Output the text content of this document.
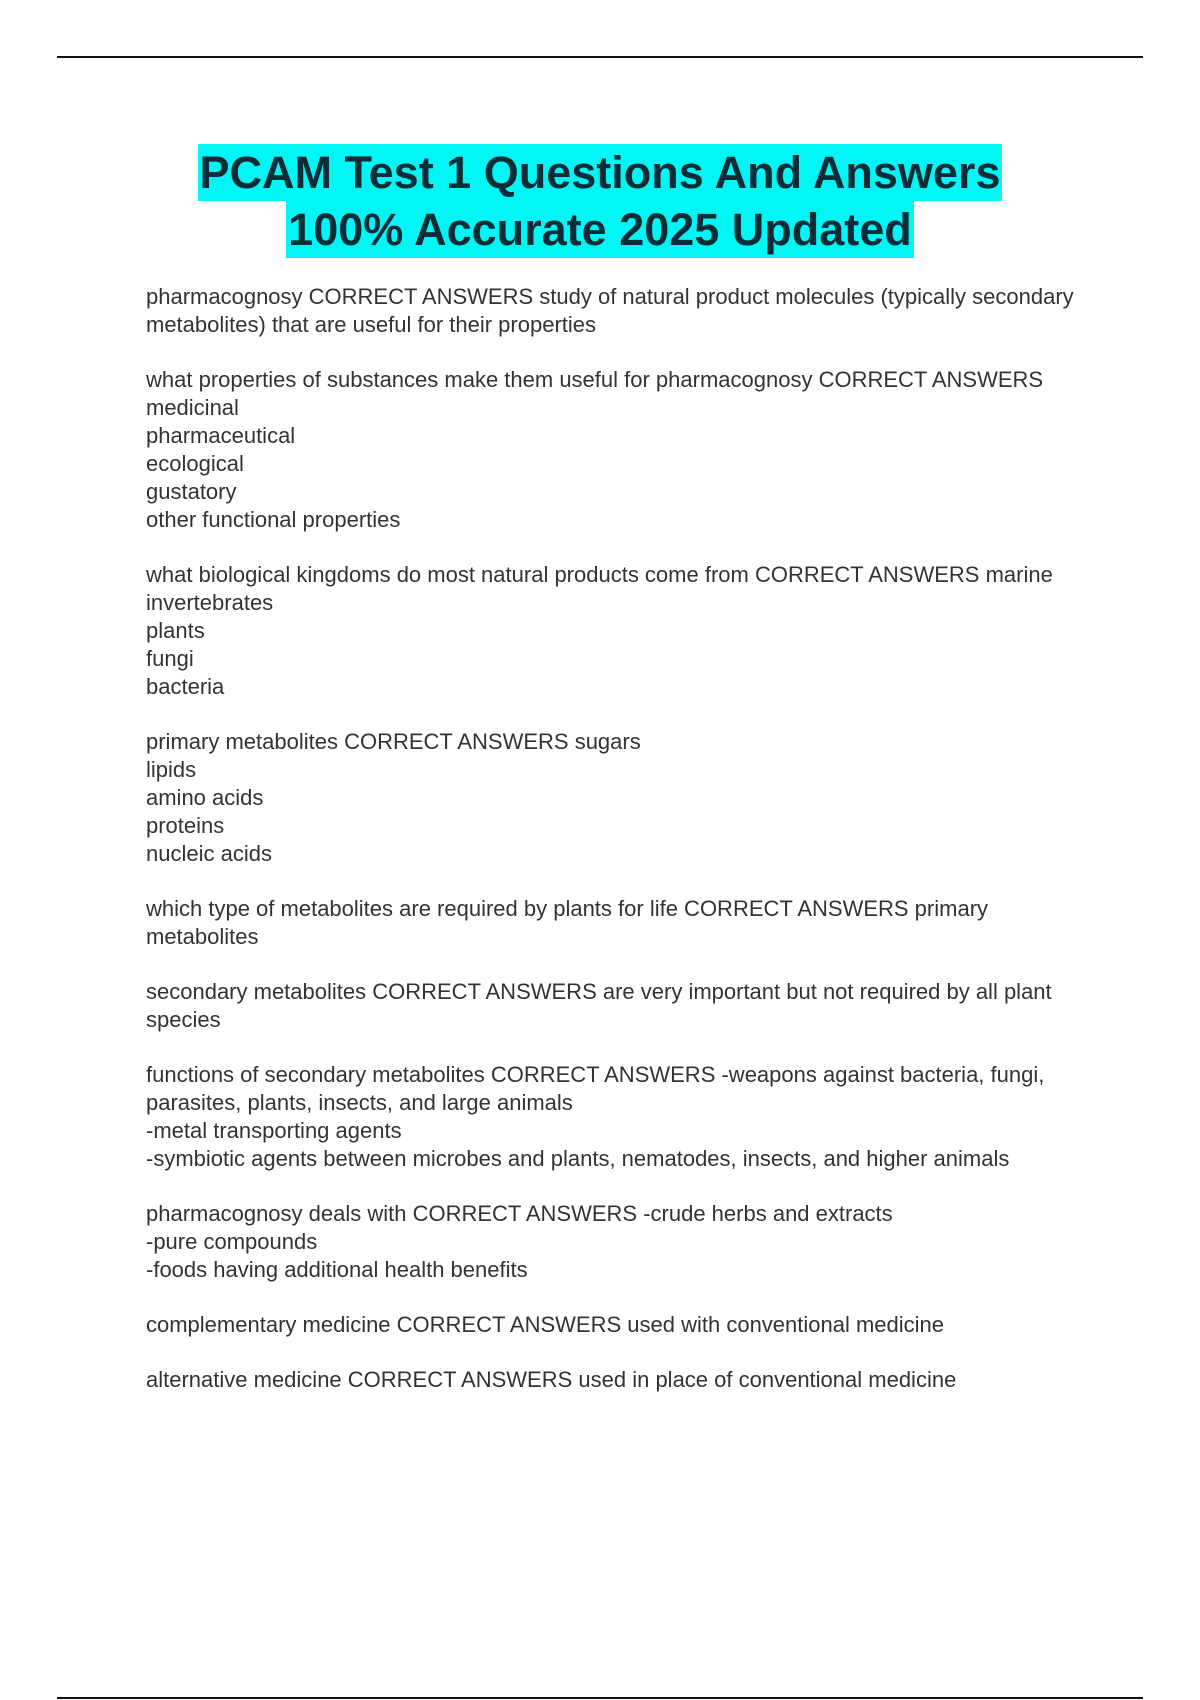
PCAM Test 1 Questions And Answers
100% Accurate 2025 Updated
pharmacognosy CORRECT ANSWERS study of natural product molecules (typically secondary metabolites) that are useful for their properties
what properties of substances make them useful for pharmacognosy CORRECT ANSWERS medicinal
pharmaceutical
ecological
gustatory
other functional properties
what biological kingdoms do most natural products come from CORRECT ANSWERS marine invertebrates
plants
fungi
bacteria
primary metabolites CORRECT ANSWERS sugars
lipids
amino acids
proteins
nucleic acids
which type of metabolites are required by plants for life CORRECT ANSWERS primary metabolites
secondary metabolites CORRECT ANSWERS are very important but not required by all plant species
functions of secondary metabolites CORRECT ANSWERS -weapons against bacteria, fungi, parasites, plants, insects, and large animals
-metal transporting agents
-symbiotic agents between microbes and plants, nematodes, insects, and higher animals
pharmacognosy deals with CORRECT ANSWERS -crude herbs and extracts
-pure compounds
-foods having additional health benefits
complementary medicine CORRECT ANSWERS used with conventional medicine
alternative medicine CORRECT ANSWERS used in place of conventional medicine
